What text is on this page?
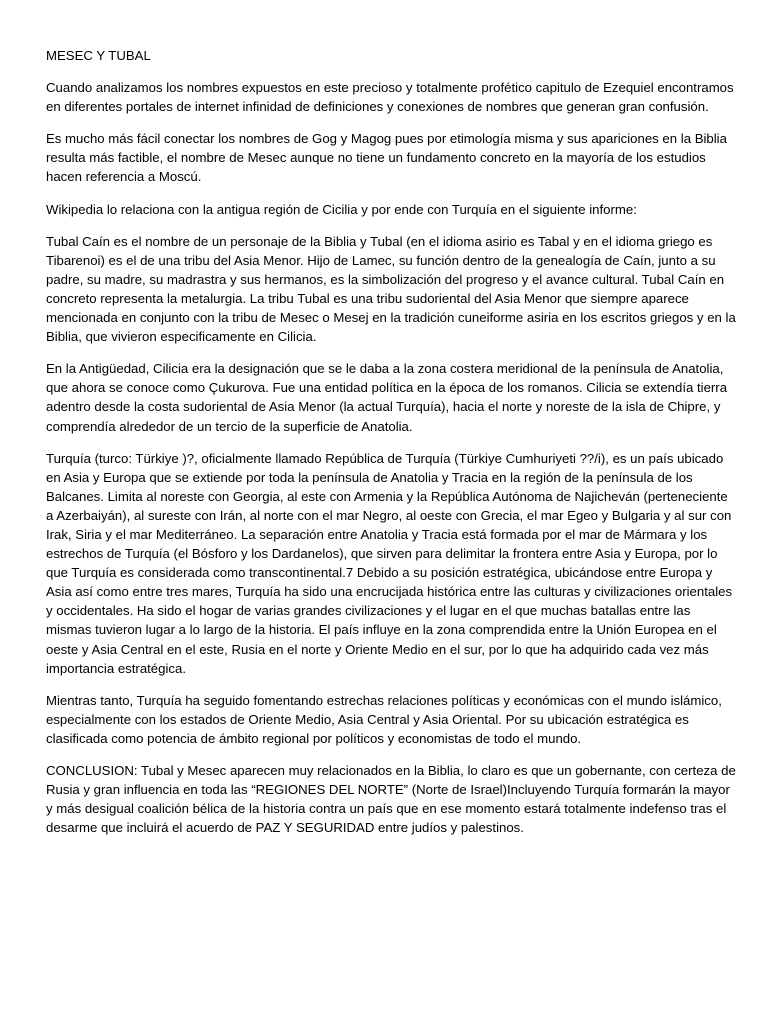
MESEC Y TUBAL

Cuando analizamos los nombres expuestos en este precioso y totalmente profético capitulo de Ezequiel encontramos en diferentes portales de internet infinidad de definiciones y conexiones de nombres que generan gran confusión.

Es mucho más fácil conectar los nombres de Gog y Magog pues por etimología misma y sus apariciones en la Biblia resulta más factible, el nombre de Mesec aunque no tiene un fundamento concreto en la mayoría de los estudios hacen referencia a Moscú.

Wikipedia lo relaciona con la antigua región de Cicilia y por ende con Turquía en el siguiente informe:

Tubal Caín es el nombre de un personaje de la Biblia y Tubal (en el idioma asirio es Tabal y en el idioma griego es Tibarenoi) es el de una tribu del Asia Menor. Hijo de Lamec, su función dentro de la genealogía de Caín, junto a su padre, su madre, su madrastra y sus hermanos, es la simbolización del progreso y el avance cultural. Tubal Caín en concreto representa la metalurgia. La tribu Tubal es una tribu sudoriental del Asia Menor que siempre aparece mencionada en conjunto con la tribu de Mesec o Mesej en la tradición cuneiforme asiria en los escritos griegos y en la Biblia, que vivieron especificamente en Cilicia.

En la Antigüedad, Cilicia era la designación que se le daba a la zona costera meridional de la península de Anatolia, que ahora se conoce como Çukurova. Fue una entidad política en la época de los romanos. Cilicia se extendía tierra adentro desde la costa sudoriental de Asia Menor (la actual Turquía), hacia el norte y noreste de la isla de Chipre, y comprendía alrededor de un tercio de la superficie de Anatolia.

Turquía (turco: Türkiye )?, oficialmente llamado República de Turquía (Türkiye Cumhuriyeti ??/i), es un país ubicado en Asia y Europa que se extiende por toda la península de Anatolia y Tracia en la región de la península de los Balcanes. Limita al noreste con Georgia, al este con Armenia y la República Autónoma de Najicheván (perteneciente a Azerbaiyán), al sureste con Irán, al norte con el mar Negro, al oeste con Grecia, el mar Egeo y Bulgaria y al sur con Irak, Siria y el mar Mediterráneo. La separación entre Anatolia y Tracia está formada por el mar de Mármara y los estrechos de Turquía (el Bósforo y los Dardanelos), que sirven para delimitar la frontera entre Asia y Europa, por lo que Turquía es considerada como transcontinental.7 Debido a su posición estratégica, ubicándose entre Europa y Asia así como entre tres mares, Turquía ha sido una encrucijada histórica entre las culturas y civilizaciones orientales y occidentales. Ha sido el hogar de varias grandes civilizaciones y el lugar en el que muchas batallas entre las mismas tuvieron lugar a lo largo de la historia. El país influye en la zona comprendida entre la Unión Europea en el oeste y Asia Central en el este, Rusia en el norte y Oriente Medio en el sur, por lo que ha adquirido cada vez más importancia estratégica.

Mientras tanto, Turquía ha seguido fomentando estrechas relaciones políticas y económicas con el mundo islámico, especialmente con los estados de Oriente Medio, Asia Central y Asia Oriental. Por su ubicación estratégica es clasificada como potencia de ámbito regional por políticos y economistas de todo el mundo.

CONCLUSION: Tubal y Mesec aparecen muy relacionados en la Biblia, lo claro es que un gobernante, con certeza de Rusia y gran influencia en toda las “REGIONES DEL NORTE” (Norte de Israel)Incluyendo Turquía formarán la mayor y más desigual coalición bélica de la historia contra un país que en ese momento estará totalmente indefenso tras el desarme que incluirá el acuerdo de PAZ Y SEGURIDAD entre judíos y palestinos.
